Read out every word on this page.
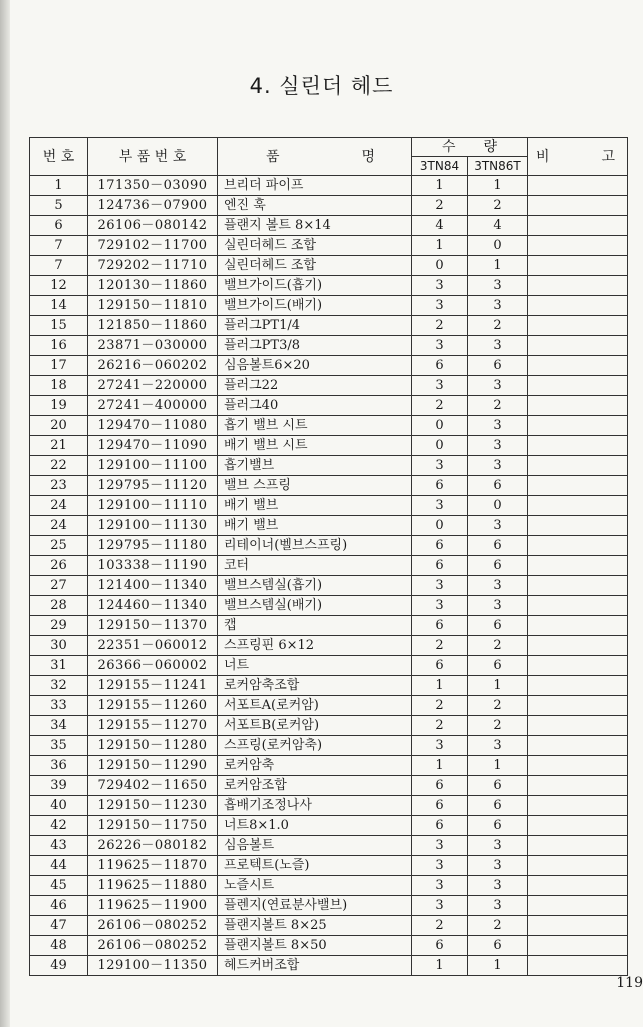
4. 실린더 헤드
번 호	부 품 번 호	품 명	수 량		비 고

			3TN84	3TN86T	
1	171350－03090	브리더 파이프	1	1	
5	124736－07900	엔진 훅	2	2	
6	26106－080142	플랜지 볼트 8×14	4	4	
7	729102－11700	실린더헤드 조합	1	0	
7	729202－11710	실린더헤드 조합	0	1	
12	120130－11860	밸브가이드(흡기)	3	3	
14	129150－11810	밸브가이드(배기)	3	3	
15	121850－11860	플러그PT1/4	2	2	
16	23871－030000	플러그PT3/8	3	3	
17	26216－060202	심음볼트6×20	6	6	
18	27241－220000	플러그22	3	3	
19	27241－400000	플러그40	2	2	
20	129470－11080	흡기 밸브 시트	0	3	
21	129470－11090	배기 밸브 시트	0	3	
22	129100－11100	흡기밸브	3	3	
23	129795－11120	밸브 스프링	6	6	
24	129100－11110	배기 밸브	3	0	
24	129100－11130	배기 밸브	0	3	
25	129795－11180	리테이너(벨브스프링)	6	6	
26	103338－11190	코터	6	6	
27	121400－11340	밸브스템실(흡기)	3	3	
28	124460－11340	밸브스템실(배기)	3	3	
29	129150－11370	캡	6	6	
30	22351－060012	스프링핀 6×12	2	2	
31	26366－060002	너트	6	6	
32	129155－11241	로커암축조합	1	1	
33	129155－11260	서포트A(로커암)	2	2	
34	129155－11270	서포트B(로커암)	2	2	
35	129150－11280	스프링(로커암축)	3	3	
36	129150－11290	로커암축	1	1	
39	729402－11650	로커암조합	6	6	
40	129150－11230	흡배기조정나사	6	6	
42	129150－11750	너트8×1.0	6	6	
43	26226－080182	심음볼트	3	3	
44	119625－11870	프로텍트(노즐)	3	3	
45	119625－11880	노즐시트	3	3	
46	119625－11900	플렌지(연료분사밸브)	3	3	
47	26106－080252	플랜지볼트 8×25	2	2	
48	26106－080252	플랜지볼트 8×50	6	6	
49	129100－11350	헤드커버조합	1	1	
119
